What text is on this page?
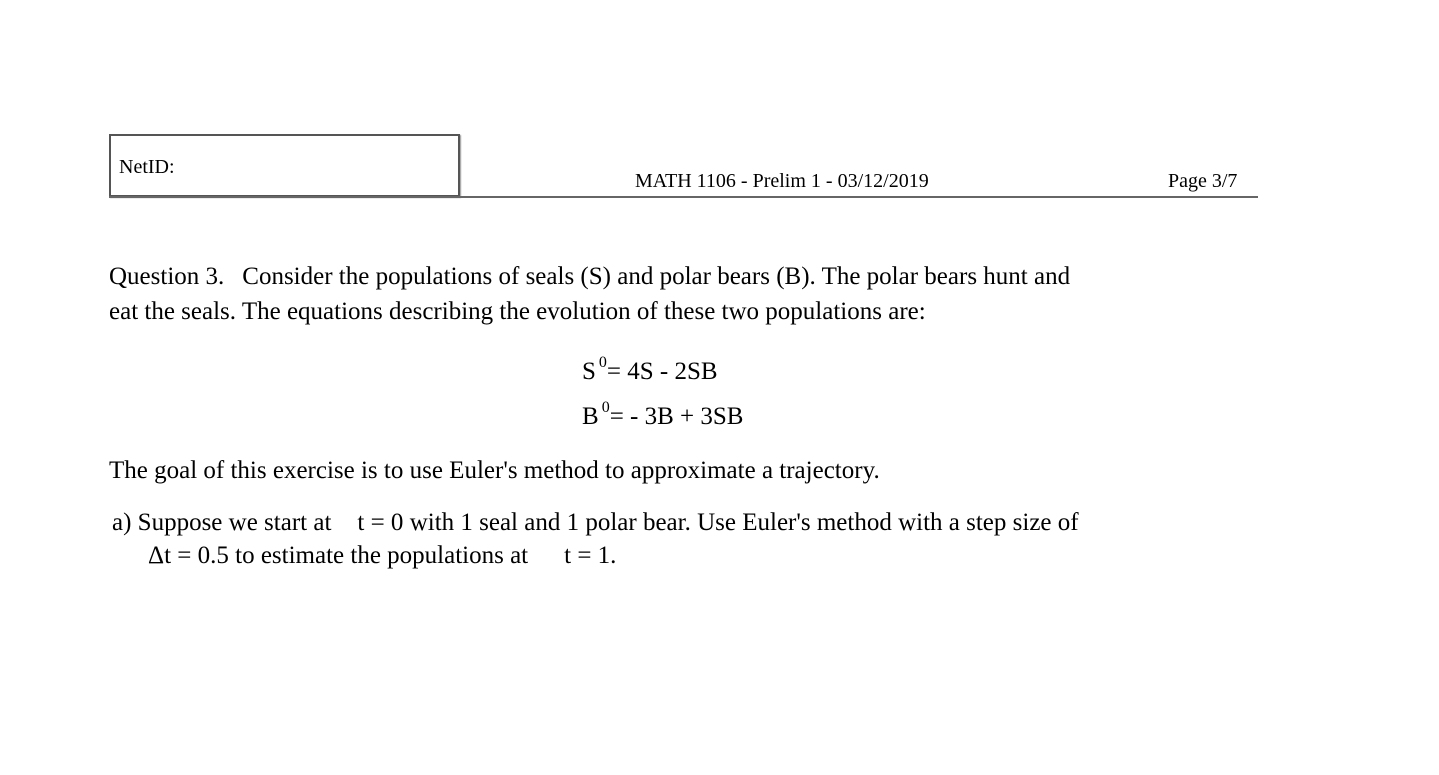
NetID:
MATH 1106 - Prelim 1 - 03/12/2019	Page 3/7
Question 3. Consider the populations of seals (S) and polar bears (B). The polar bears hunt and
eat the seals. The equations describing the evolution of these two populations are:
S $^0$= 4S - 2SB
B $^0$= - 3B + 3SB
The goal of this exercise is to use Euler's method to approximate a trajectory.
a) Suppose we start at t = 0 with 1 seal and 1 polar bear. Use Euler's method with a step size of
Δt = 0.5 to estimate the populations at t = 1.
